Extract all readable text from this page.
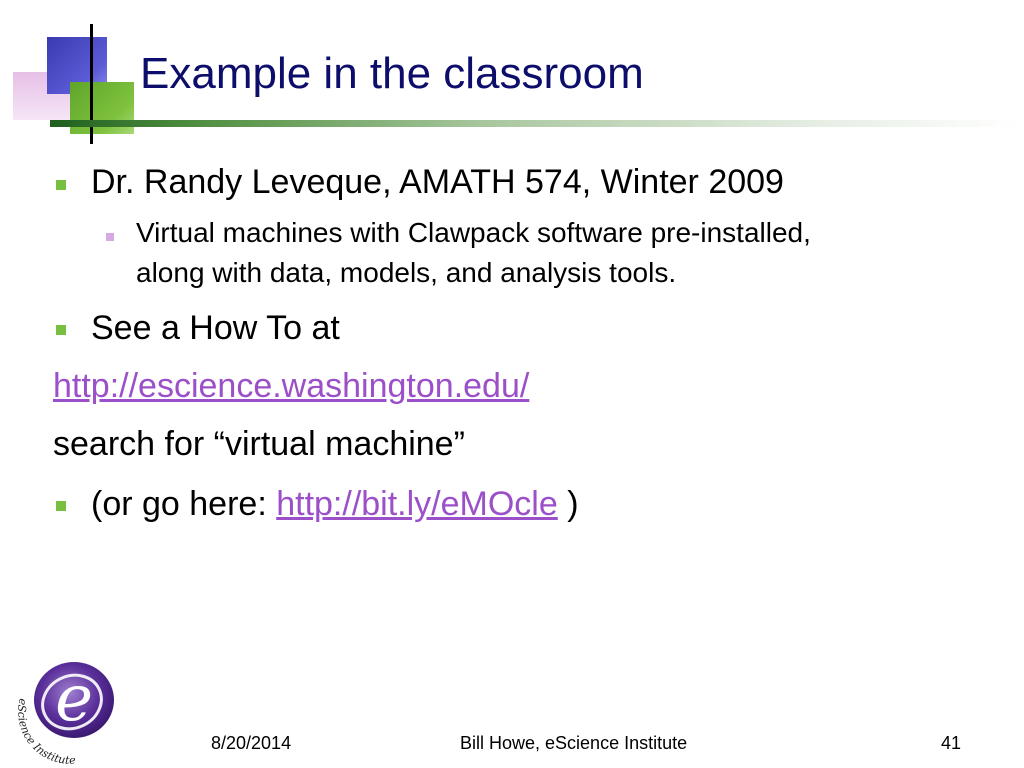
Example in the classroom

Dr. Randy Leveque, AMATH 574, Winter 2009

Virtual machines with Clawpack software pre-installed,

along with data, models, and analysis tools.

See a How To at

http://escience.washington.edu/

search for “virtual machine”

(or go here: http://bit.ly/eMOcle )

e
eScience Institute
8/20/2014	Bill Howe, eScience Institute	41
